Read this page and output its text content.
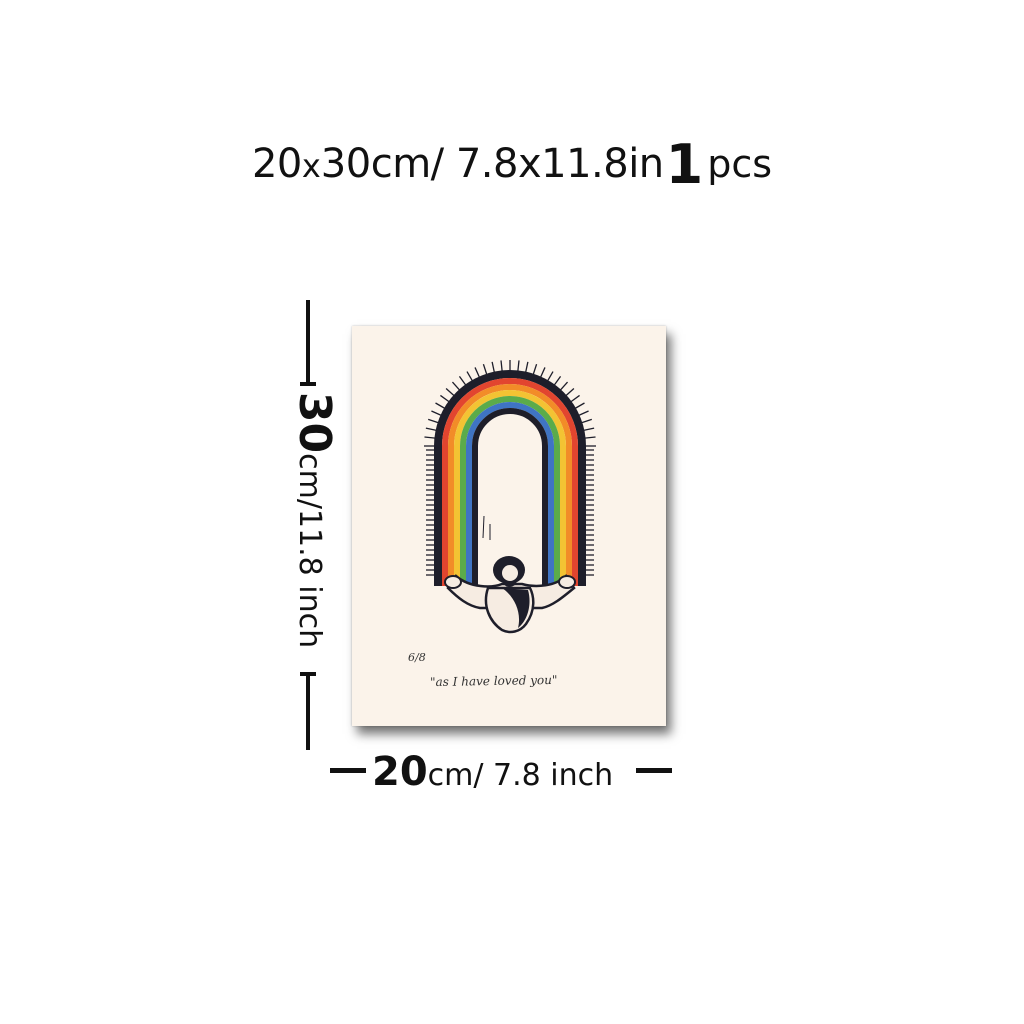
20x30cm/ 7.8x11.8in1 pcs
30cm/11.8 inch
6/8
"as I have loved you"
20cm/ 7.8 inch
